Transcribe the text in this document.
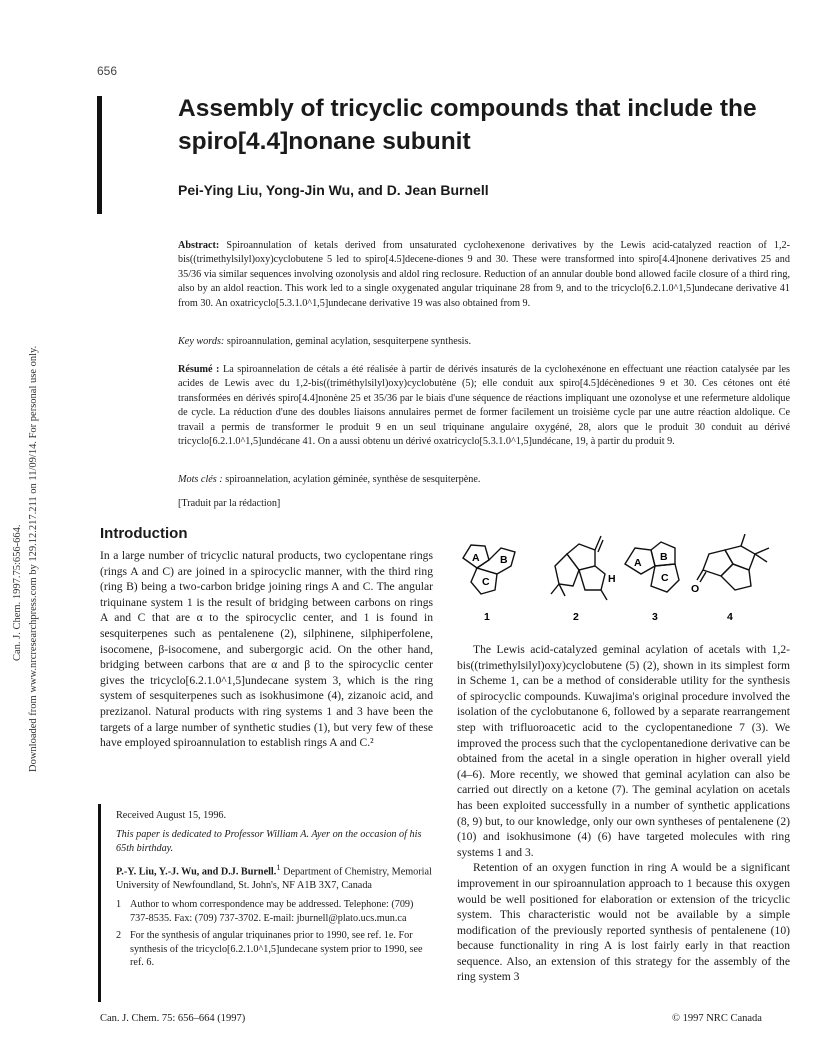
656
Assembly of tricyclic compounds that include the spiro[4.4]nonane subunit
Pei-Ying Liu, Yong-Jin Wu, and D. Jean Burnell
Can. J. Chem. 1997.75:656-664. Downloaded from www.nrcresearchpress.com by 129.12.217.211 on 11/09/14. For personal use only.
Abstract: Spiroannulation of ketals derived from unsaturated cyclohexenone derivatives by the Lewis acid-catalyzed reaction of 1,2-bis((trimethylsilyl)oxy)cyclobutene 5 led to spiro[4.5]decene-diones 9 and 30. These were transformed into spiro[4.4]nonene derivatives 25 and 35/36 via similar sequences involving ozonolysis and aldol ring reclosure. Reduction of an annular double bond allowed facile closure of a third ring, also by an aldol reaction. This work led to a single oxygenated angular triquinane 28 from 9, and to the tricyclo[6.2.1.0^1,5]undecane derivative 41 from 30. An oxatricyclo[5.3.1.0^1,5]undecane derivative 19 was also obtained from 9.
Key words: spiroannulation, geminal acylation, sesquiterpene synthesis.
Résumé : La spiroannelation de cétals a été réalisée à partir de dérivés insaturés de la cyclohexénone en effectuant une réaction catalysée par les acides de Lewis avec du 1,2-bis((triméthylsilyl)oxy)cyclobutène (5); elle conduit aux spiro[4.5]décènediones 9 et 30. Ces cétones ont été transformées en dérivés spiro[4.4]nonène 25 et 35/36 par le biais d'une séquence de réactions impliquant une ozonolyse et une refermeture aldolique de cycle. La réduction d'une des doubles liaisons annulaires permet de former facilement un troisième cycle par une autre réaction aldolique. Ce travail a permis de transformer le produit 9 en un seul triquinane angulaire oxygéné, 28, alors que le produit 30 conduit au dérivé tricyclo[6.2.1.0^1,5]undécane 41. On a aussi obtenu un dérivé oxatricyclo[5.3.1.0^1,5]undécane, 19, à partir du produit 9.
Mots clés : spiroannelation, acylation géminée, synthèse de sesquiterpène.
[Traduit par la rédaction]
Introduction
In a large number of tricyclic natural products, two cyclopentane rings (rings A and C) are joined in a spirocyclic manner, with the third ring (ring B) being a two-carbon bridge joining rings A and C. The angular triquinane system 1 is the result of bridging between carbons on rings A and C that are α to the spirocyclic center, and 1 is found in sesquiterpenes such as pentalenene (2), silphinene, silphiperfolene, isocomene, β-isocomene, and subergorgic acid. On the other hand, bridging between carbons that are α and β to the spirocyclic center gives the tricyclo[6.2.1.0^1,5]undecane system 3, which is the ring system of sesquiterpenes such as isokhusimone (4), zizanoic acid, and prezizanol. Natural products with ring systems 1 and 3 have been the targets of a large number of synthetic studies (1), but very few of these have employed spiroannulation to establish rings A and C.²
A B
C
1
H
2
A B
C
3
O
4

The Lewis acid-catalyzed geminal acylation of acetals with 1,2-bis((trimethylsilyl)oxy)cyclobutene (5) (2), shown in its simplest form in Scheme 1, can be a method of considerable utility for the synthesis of spirocyclic compounds. Kuwajima's original procedure involved the isolation of the cyclobutanone 6, followed by a separate rearrangement step with trifluoroacetic acid to the cyclopentanedione 7 (3). We improved the process such that the cyclopentanedione derivative can be obtained from the acetal in a single operation in higher overall yield (4–6). More recently, we showed that geminal acylation can also be carried out directly on a ketone (7). The geminal acylation on acetals has been exploited successfully in a number of synthetic applications (8, 9) but, to our knowledge, only our own syntheses of pentalenene (2) (10) and isokhusimone (4) (6) have targeted molecules with ring systems 1 and 3.

Retention of an oxygen function in ring A would be a significant improvement in our spiroannulation approach to 1 because this oxygen would be well positioned for elaboration or extension of the tricyclic system. This characteristic would not be available by a simple modification of the previously reported synthesis of pentalenene (10) because functionality in ring A is lost fairly early in that reaction sequence. Also, an extension of this strategy for the assembly of the ring system 3

Received August 15, 1996.

This paper is dedicated to Professor William A. Ayer on the occasion of his 65th birthday.

P.-Y. Liu, Y.-J. Wu, and D.J. Burnell.$^1$ Department of Chemistry, Memorial University of Newfoundland, St. John's, NF A1B 3X7, Canada

1 Author to whom correspondence may be addressed. Telephone: (709) 737-8535. Fax: (709) 737-3702. E-mail: jburnell@plato.ucs.mun.ca
2 For the synthesis of angular triquinanes prior to 1990, see ref. 1e. For synthesis of the tricyclo[6.2.1.0^1,5]undecane system prior to 1990, see ref. 6.
Can. J. Chem. 75: 656–664 (1997)	© 1997 NRC Canada
